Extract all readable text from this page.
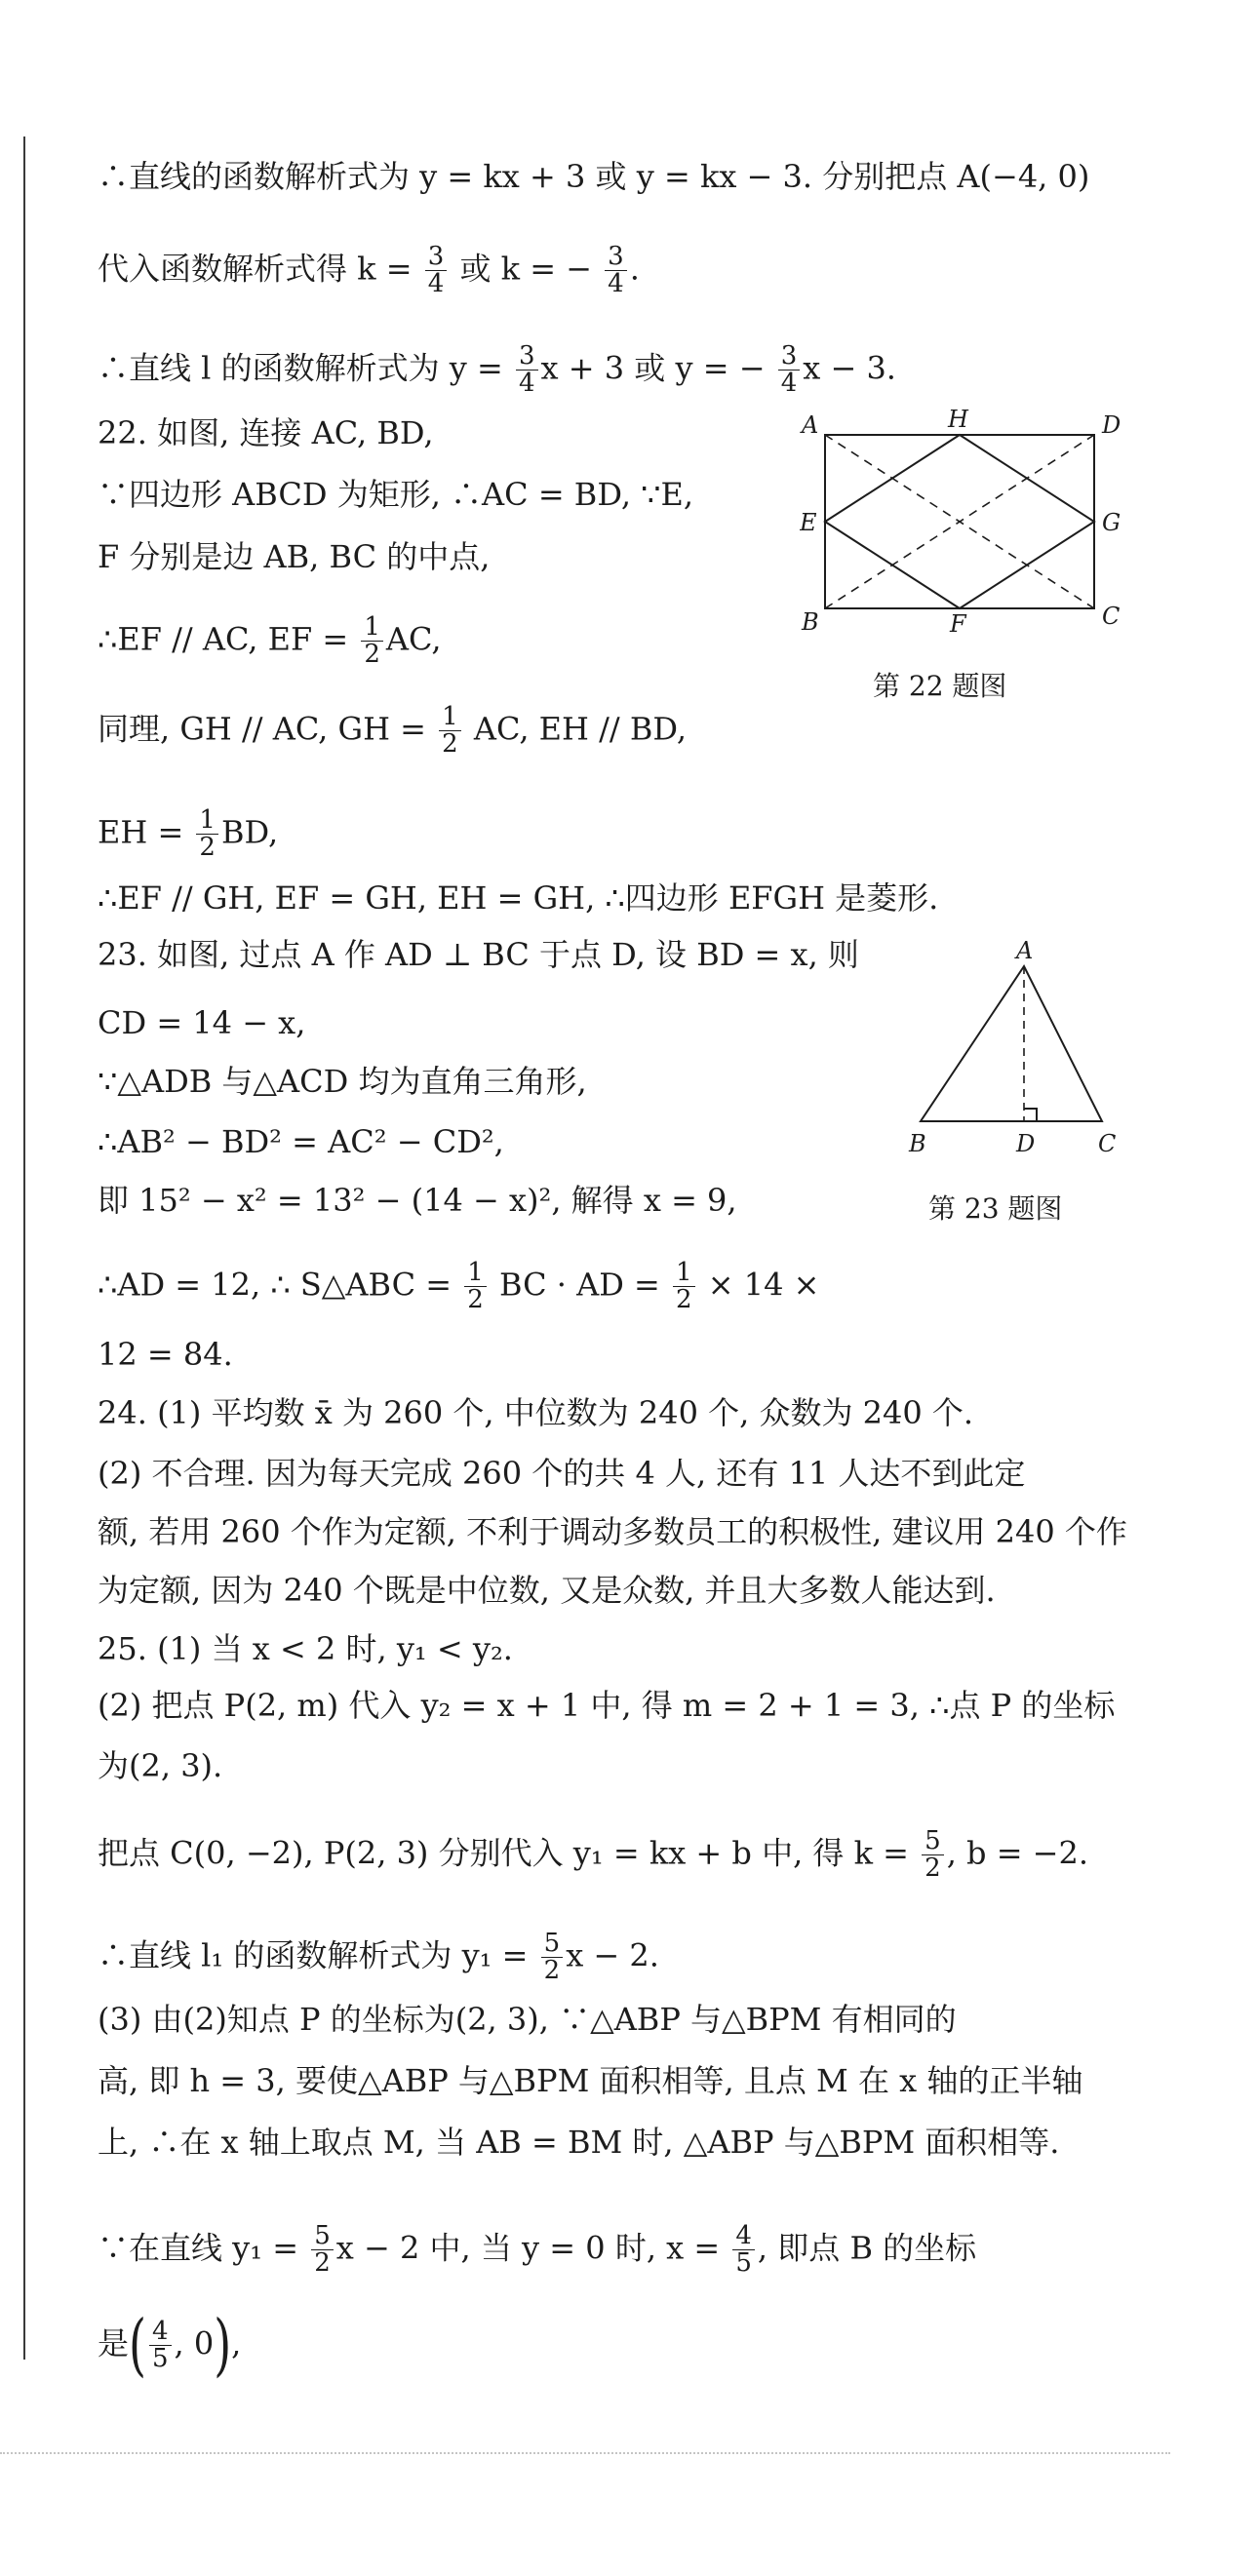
∴直线的函数解析式为 y = kx + 3 或 y = kx − 3. 分别把点 A(−4, 0)
代入函数解析式得 $k = \frac{3}{4}$ 或 k = − $\frac{3}{4}$ .
∴直线 l 的函数解析式为 $y = \frac{3}{4}$ x + 3 或 y = − $\frac{3}{4}$ x − 3.
22. 如图, 连接 AC, BD,
∵四边形 ABCD 为矩形, ∴AC = BD, ∵E,
F 分别是边 AB, BC 的中点,
∴EF // AC, EF = $\frac{1}{2}$ AC,
同理, GH // AC, GH = $\frac{1}{2}$ AC, EH // BD,
EH = $\frac{1}{2}$ BD,
∴EF // GH, EF = GH, EH = GH, ∴四边形 EFGH 是菱形.
23. 如图, 过点 A 作 AD ⊥ BC 于点 D, 设 BD = x, 则
CD = 14 − x,
∵△ADB 与△ACD 均为直角三角形,
∴AB² − BD² = AC² − CD²,
即 15² − x² = 13² − (14 − x)², 解得 x = 9,
∴AD = 12, ∴ S△ABC = $\frac{1}{2}$ BC · AD = $\frac{1}{2} \times 14$ ×
12 = 84.
24. (1) 平均数 x̄ 为 260 个, 中位数为 240 个, 众数为 240 个.
(2) 不合理. 因为每天完成 260 个的共 4 人, 还有 11 人达不到此定
额, 若用 260 个作为定额, 不利于调动多数员工的积极性, 建议用 240 个作
为定额, 因为 240 个既是中位数, 又是众数, 并且大多数人能达到.
25. (1) 当 x < 2 时, y₁ < y₂.
(2) 把点 P(2, m) 代入 y₂ = x + 1 中, 得 m = 2 + 1 = 3, ∴点 P 的坐标
为(2, 3).
把点 C(0, −2), P(2, 3) 分别代入 y₁ = kx + b 中, 得 $k = \frac{5}{2}$ , b = −2.
∴直线 l₁ 的函数解析式为 $y_1 = \frac{5}{2}$ x − 2.
(3) 由(2)知点 P 的坐标为(2, 3), ∵△ABP 与△BPM 有相同的
高, 即 h = 3, 要使△ABP 与△BPM 面积相等, 且点 M 在 x 轴的正半轴
上, ∴在 x 轴上取点 M, 当 AB = BM 时, △ABP 与△BPM 面积相等.
∵在直线 $y_1 = \frac{5}{2}$ x − 2 中, 当 y = 0 时, $x = \frac{4}{5}$ , 即点 B 的坐标
是( $\frac{4}{5}$ , 0),
A	H	D
E	G
B	F	C
第 22 题图
A
B	D	C
第 23 题图
